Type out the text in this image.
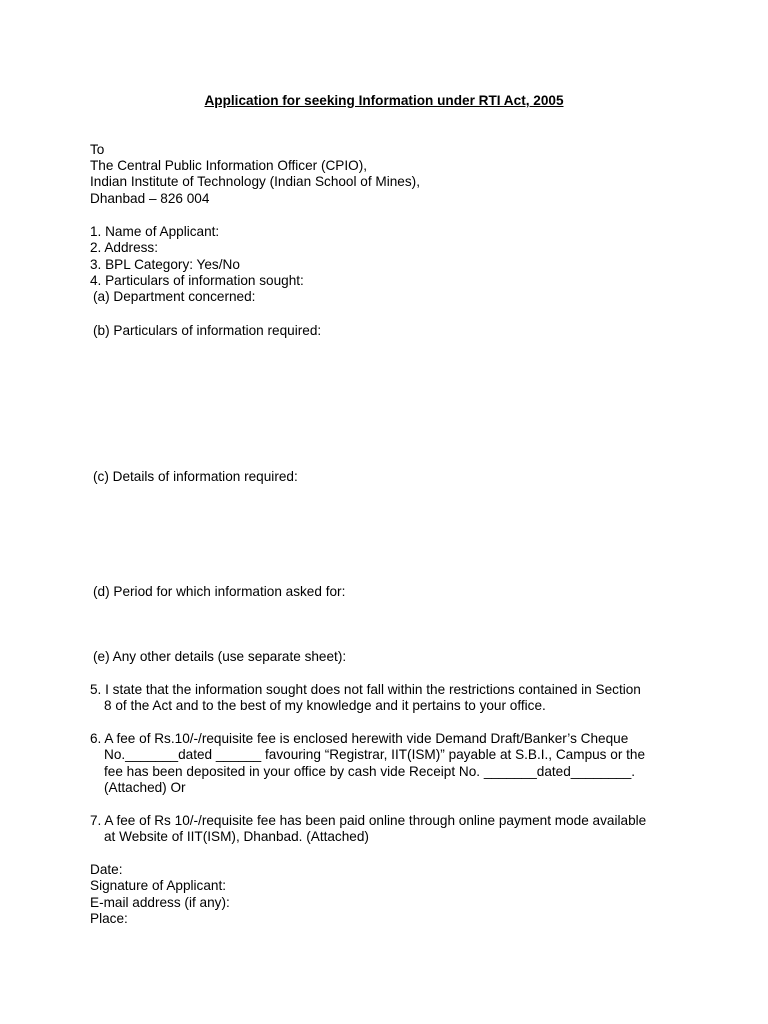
Application for seeking Information under RTI Act, 2005
To
The Central Public Information Officer (CPIO),
Indian Institute of Technology (Indian School of Mines),
Dhanbad – 826 004
1. Name of Applicant:
2. Address:
3. BPL Category: Yes/No
4. Particulars of information sought:
(a) Department concerned:
(b) Particulars of information required:
(c) Details of information required:
(d) Period for which information asked for:
(e) Any other details (use separate sheet):
5. I state that the information sought does not fall within the restrictions contained in Section
8 of the Act and to the best of my knowledge and it pertains to your office.
6. A fee of Rs.10/-/requisite fee is enclosed herewith vide Demand Draft/Banker’s Cheque
No._______dated ______ favouring “Registrar, IIT(ISM)” payable at S.B.I., Campus or the
fee has been deposited in your office by cash vide Receipt No. _______dated________.
(Attached) Or
7. A fee of Rs 10/-/requisite fee has been paid online through online payment mode available
at Website of IIT(ISM), Dhanbad. (Attached)
Date:
Signature of Applicant:
E-mail address (if any):
Place:
